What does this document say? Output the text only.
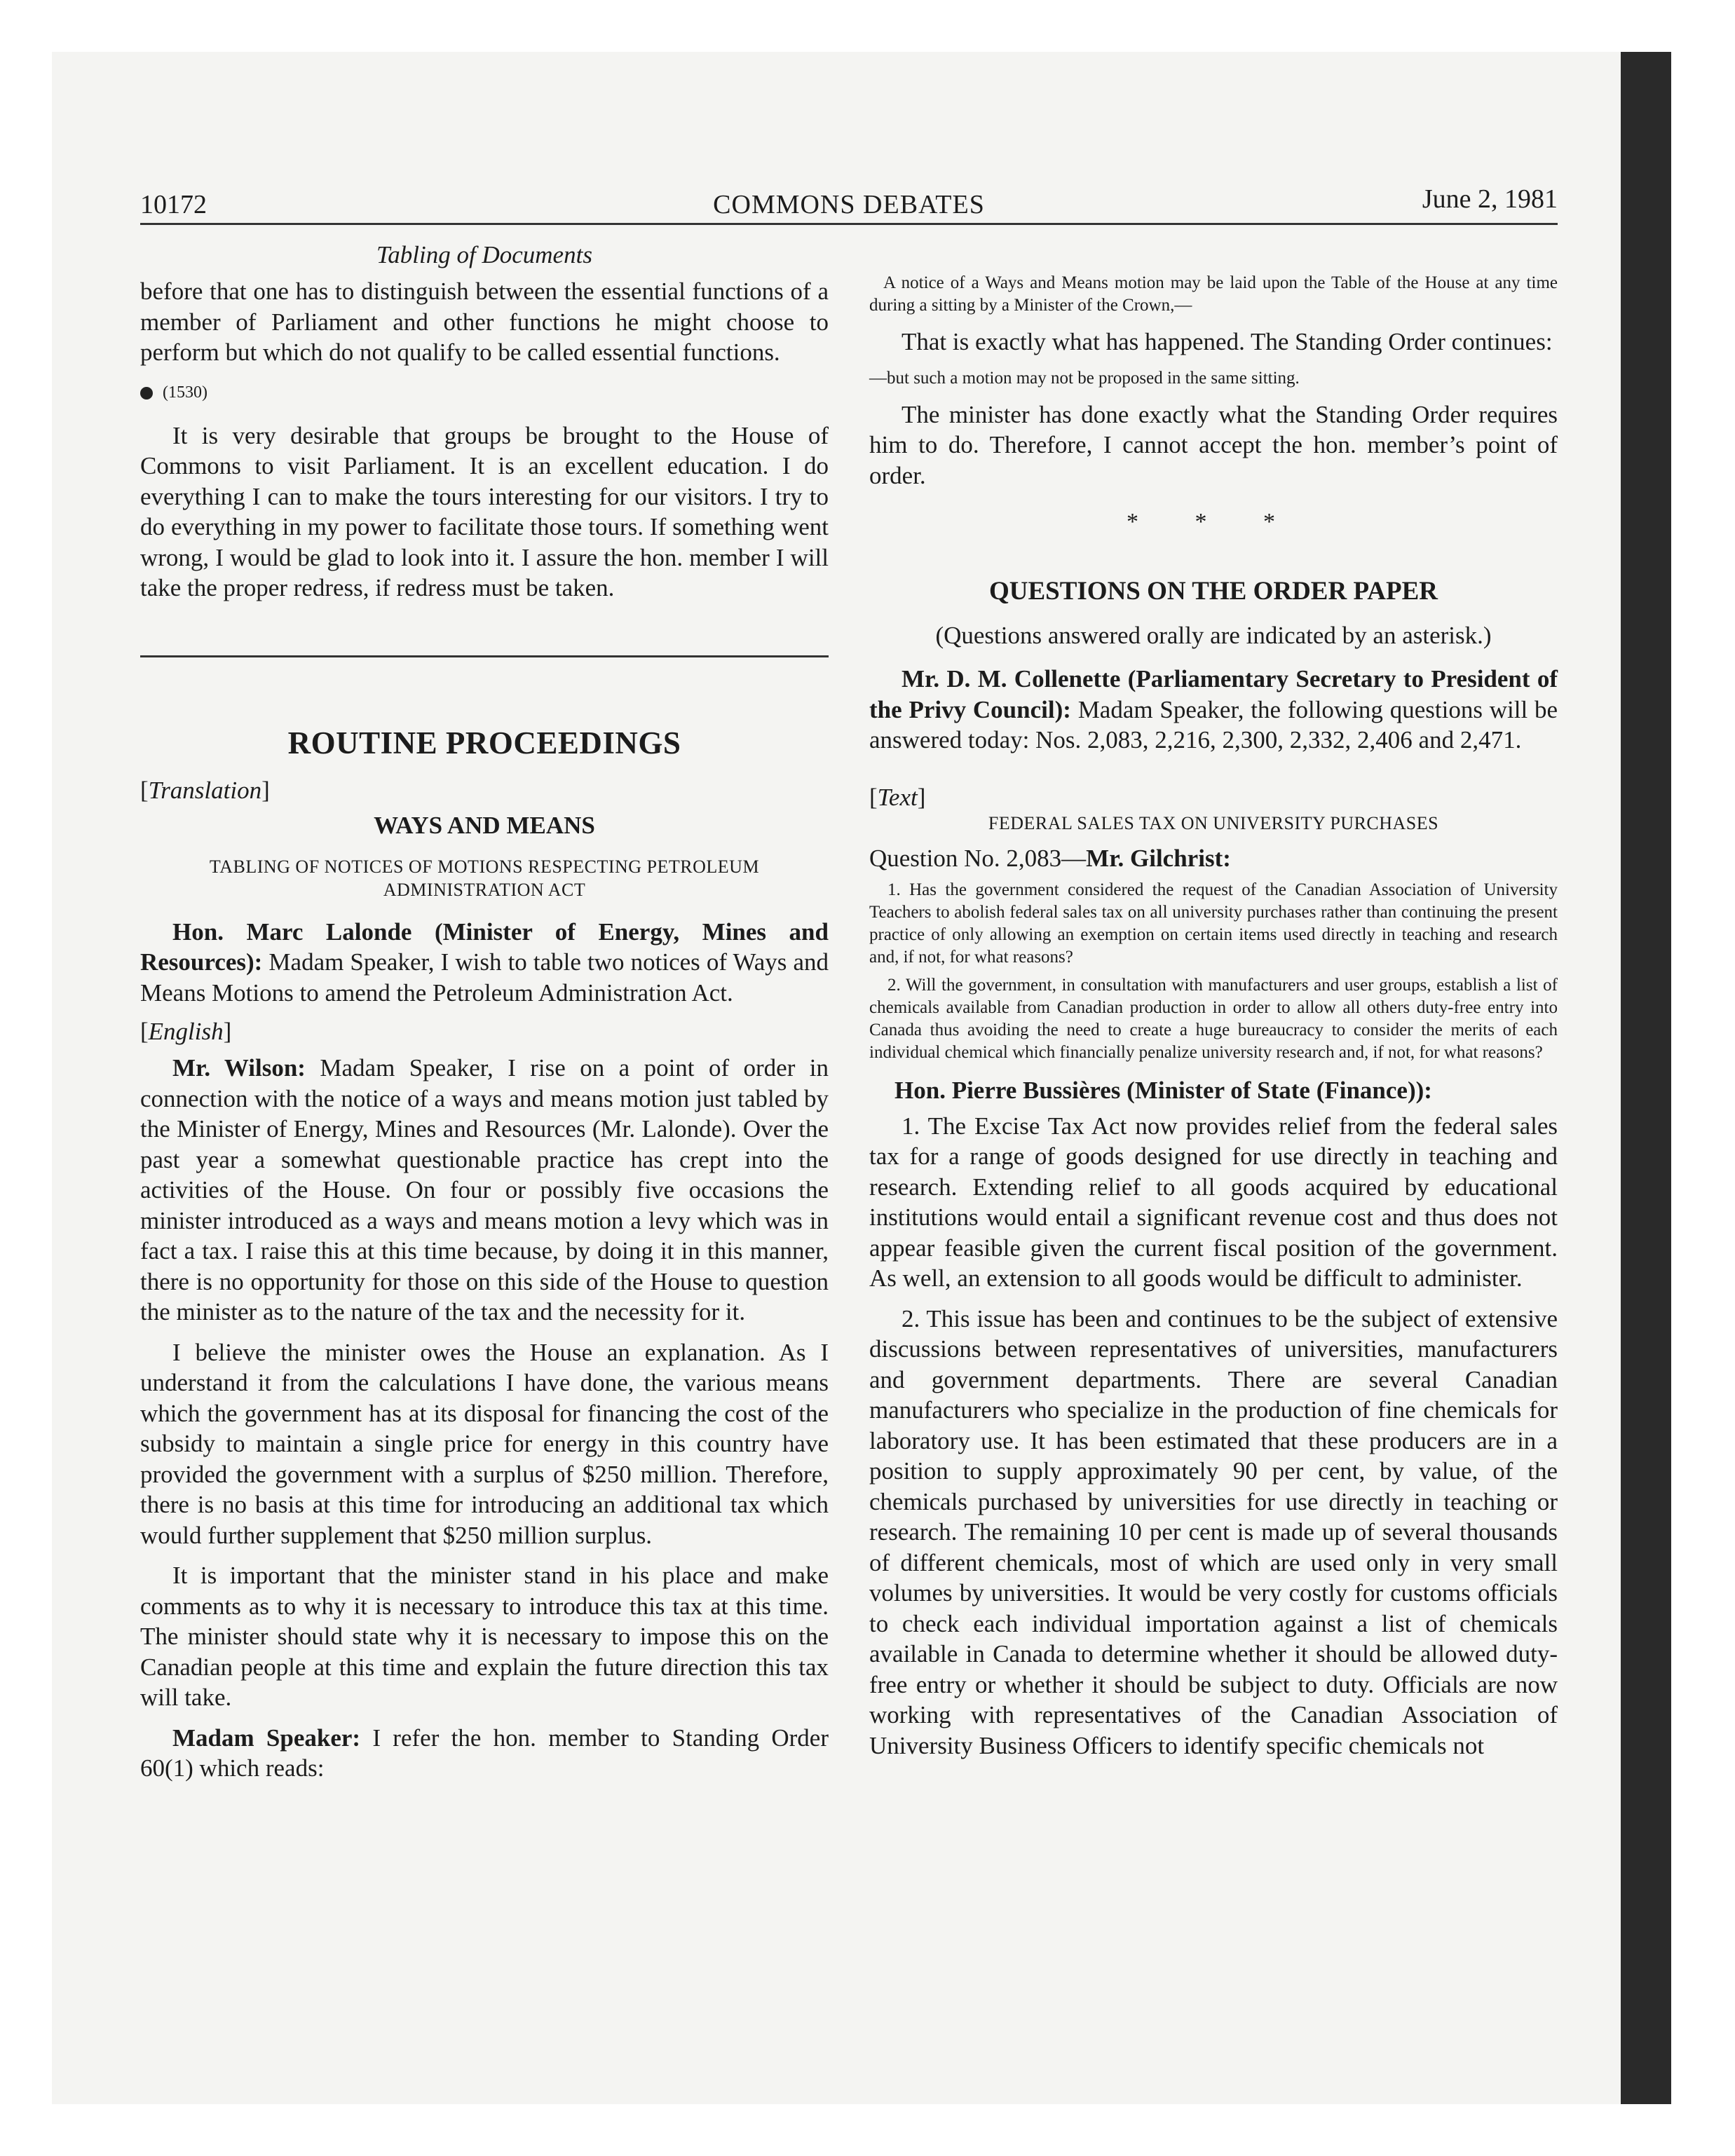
10172	COMMONS DEBATES	June 2, 1981
Tabling of Documents

before that one has to distinguish between the essential functions of a member of Parliament and other functions he might choose to perform but which do not qualify to be called essential functions.

(1530)

It is very desirable that groups be brought to the House of Commons to visit Parliament. It is an excellent education. I do everything I can to make the tours interesting for our visitors. I try to do everything in my power to facilitate those tours. If something went wrong, I would be glad to look into it. I assure the hon. member I will take the proper redress, if redress must be taken.

ROUTINE PROCEEDINGS
[Translation]
WAYS AND MEANS
TABLING OF NOTICES OF MOTIONS RESPECTING PETROLEUM ADMINISTRATION ACT

Hon. Marc Lalonde (Minister of Energy, Mines and Resources): Madam Speaker, I wish to table two notices of Ways and Means Motions to amend the Petroleum Administration Act.

[English]

Mr. Wilson: Madam Speaker, I rise on a point of order in connection with the notice of a ways and means motion just tabled by the Minister of Energy, Mines and Resources (Mr. Lalonde). Over the past year a somewhat questionable practice has crept into the activities of the House. On four or possibly five occasions the minister introduced as a ways and means motion a levy which was in fact a tax. I raise this at this time because, by doing it in this manner, there is no opportunity for those on this side of the House to question the minister as to the nature of the tax and the necessity for it.

I believe the minister owes the House an explanation. As I understand it from the calculations I have done, the various means which the government has at its disposal for financing the cost of the subsidy to maintain a single price for energy in this country have provided the government with a surplus of $250 million. Therefore, there is no basis at this time for introducing an additional tax which would further supplement that $250 million surplus.

It is important that the minister stand in his place and make comments as to why it is necessary to introduce this tax at this time. The minister should state why it is necessary to impose this on the Canadian people at this time and explain the future direction this tax will take.

Madam Speaker: I refer the hon. member to Standing Order 60(1) which reads:

A notice of a Ways and Means motion may be laid upon the Table of the House at any time during a sitting by a Minister of the Crown,—

That is exactly what has happened. The Standing Order continues:

—but such a motion may not be proposed in the same sitting.

The minister has done exactly what the Standing Order requires him to do. Therefore, I cannot accept the hon. member’s point of order.

* * *
QUESTIONS ON THE ORDER PAPER
(Questions answered orally are indicated by an asterisk.)

Mr. D. M. Collenette (Parliamentary Secretary to President of the Privy Council): Madam Speaker, the following questions will be answered today: Nos. 2,083, 2,216, 2,300, 2,332, 2,406 and 2,471.

[Text]
FEDERAL SALES TAX ON UNIVERSITY PURCHASES
Question No. 2,083—Mr. Gilchrist:
1. Has the government considered the request of the Canadian Association of University Teachers to abolish federal sales tax on all university purchases rather than continuing the present practice of only allowing an exemption on certain items used directly in teaching and research and, if not, for what reasons?
2. Will the government, in consultation with manufacturers and user groups, establish a list of chemicals available from Canadian production in order to allow all others duty-free entry into Canada thus avoiding the need to create a huge bureaucracy to consider the merits of each individual chemical which financially penalize university research and, if not, for what reasons?
Hon. Pierre Bussières (Minister of State (Finance)):

1. The Excise Tax Act now provides relief from the federal sales tax for a range of goods designed for use directly in teaching and research. Extending relief to all goods acquired by educational institutions would entail a significant revenue cost and thus does not appear feasible given the current fiscal position of the government. As well, an extension to all goods would be difficult to administer.

2. This issue has been and continues to be the subject of extensive discussions between representatives of universities, manufacturers and government departments. There are several Canadian manufacturers who specialize in the production of fine chemicals for laboratory use. It has been estimated that these producers are in a position to supply approximately 90 per cent, by value, of the chemicals purchased by universities for use directly in teaching or research. The remaining 10 per cent is made up of several thousands of different chemicals, most of which are used only in very small volumes by universities. It would be very costly for customs officials to check each individual importation against a list of chemicals available in Canada to determine whether it should be allowed duty-free entry or whether it should be subject to duty. Officials are now working with representatives of the Canadian Association of University Business Officers to identify specific chemicals not
